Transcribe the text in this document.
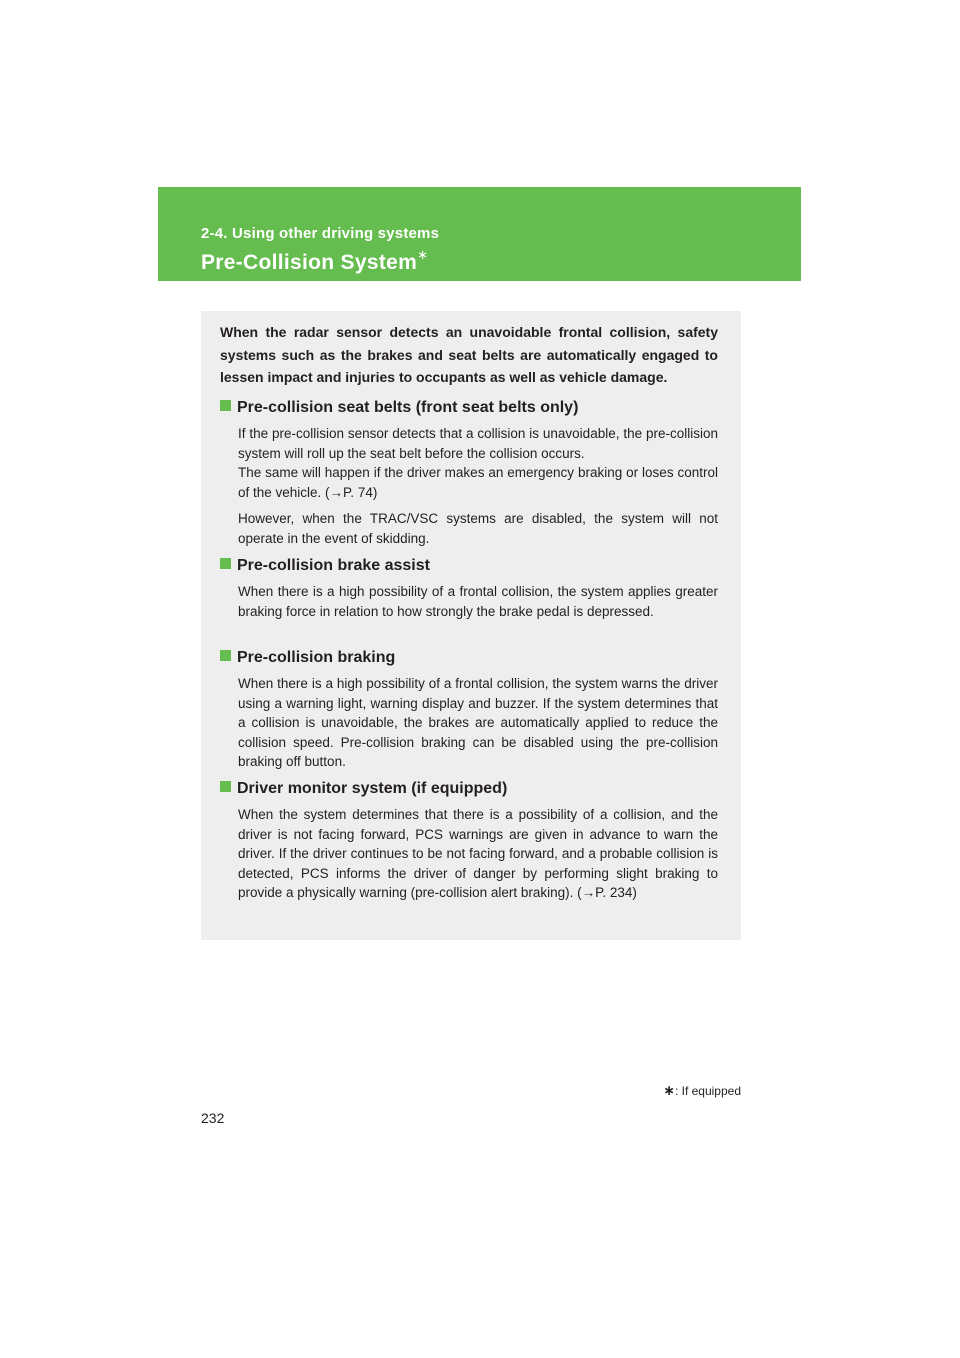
2-4. Using other driving systems
Pre-Collision System∗

When the radar sensor detects an unavoidable frontal collision, safety systems such as the brakes and seat belts are automatically engaged to lessen impact and injuries to occupants as well as vehicle damage.

Pre-collision seat belts (front seat belts only)

If the pre-collision sensor detects that a collision is unavoidable, the pre-collision system will roll up the seat belt before the collision occurs.

The same will happen if the driver makes an emergency braking or loses control of the vehicle. (→P. 74)

However, when the TRAC/VSC systems are disabled, the system will not operate in the event of skidding.

Pre-collision brake assist

When there is a high possibility of a frontal collision, the system applies greater braking force in relation to how strongly the brake pedal is depressed.

Pre-collision braking

When there is a high possibility of a frontal collision, the system warns the driver using a warning light, warning display and buzzer. If the system determines that a collision is unavoidable, the brakes are automatically applied to reduce the collision speed. Pre-collision braking can be disabled using the pre-collision braking off button.

Driver monitor system (if equipped)

When the system determines that there is a possibility of a collision, and the driver is not facing forward, PCS warnings are given in advance to warn the driver. If the driver continues to be not facing forward, and a probable collision is detected, PCS informs the driver of danger by performing slight braking to provide a physically warning (pre-collision alert braking). (→P. 234)

∗: If equipped
232
